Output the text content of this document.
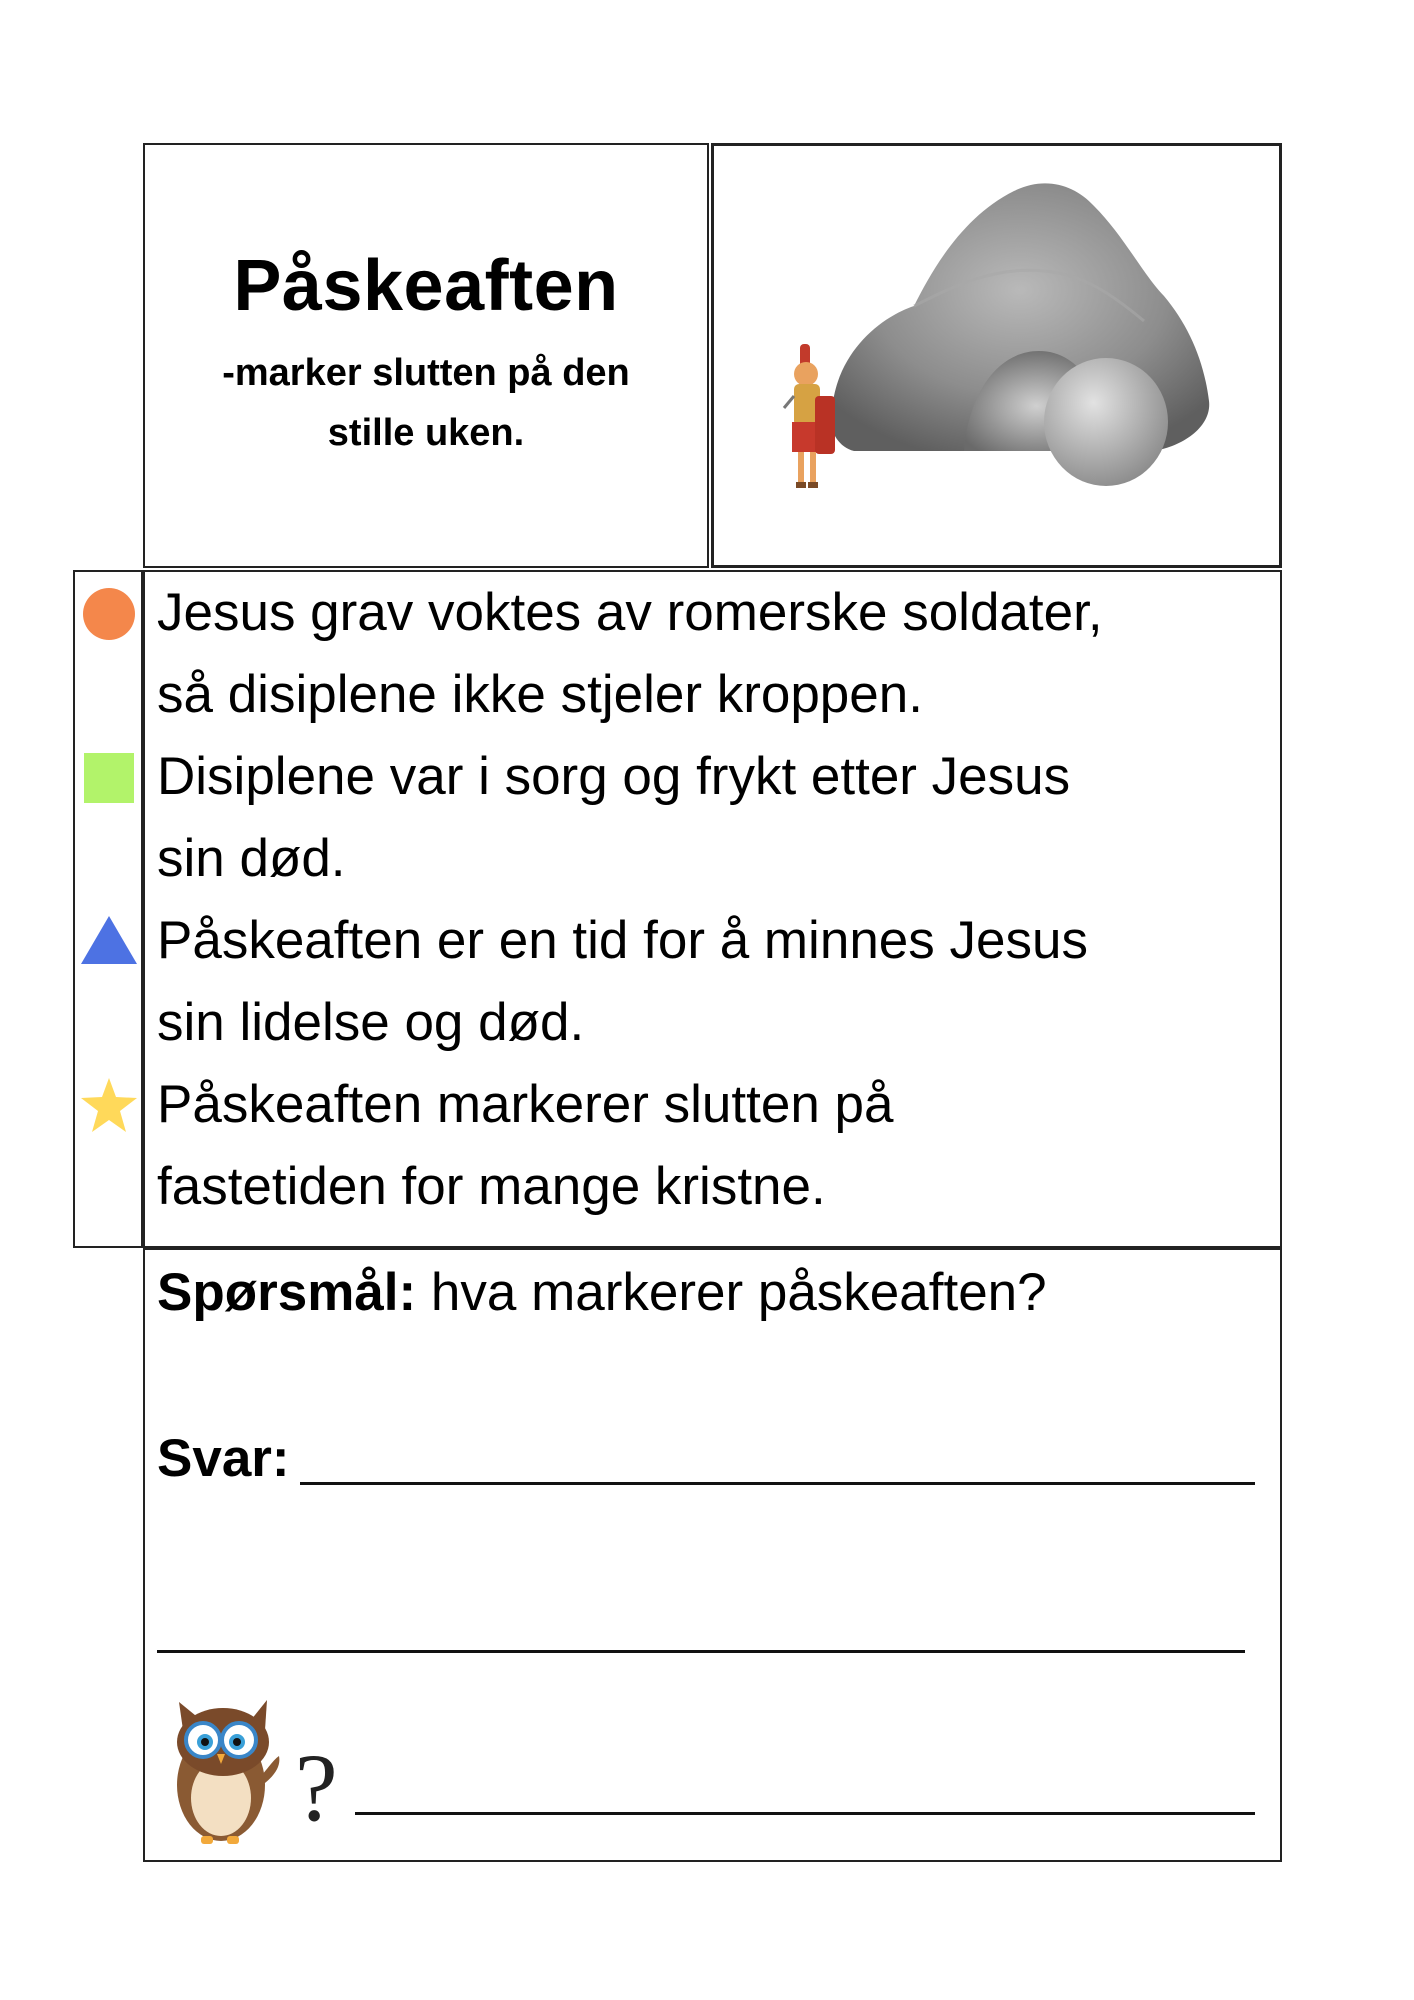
Påskeaften
-marker slutten på den
stille uken.
Jesus grav voktes av romerske soldater,
så disiplene ikke stjeler kroppen.
Disiplene var i sorg og frykt etter Jesus
sin død.
Påskeaften er en tid for å minnes Jesus
sin lidelse og død.
Påskeaften markerer slutten på
fastetiden for mange kristne.
Spørsmål: hva markerer påskeaften?
Svar:
?
